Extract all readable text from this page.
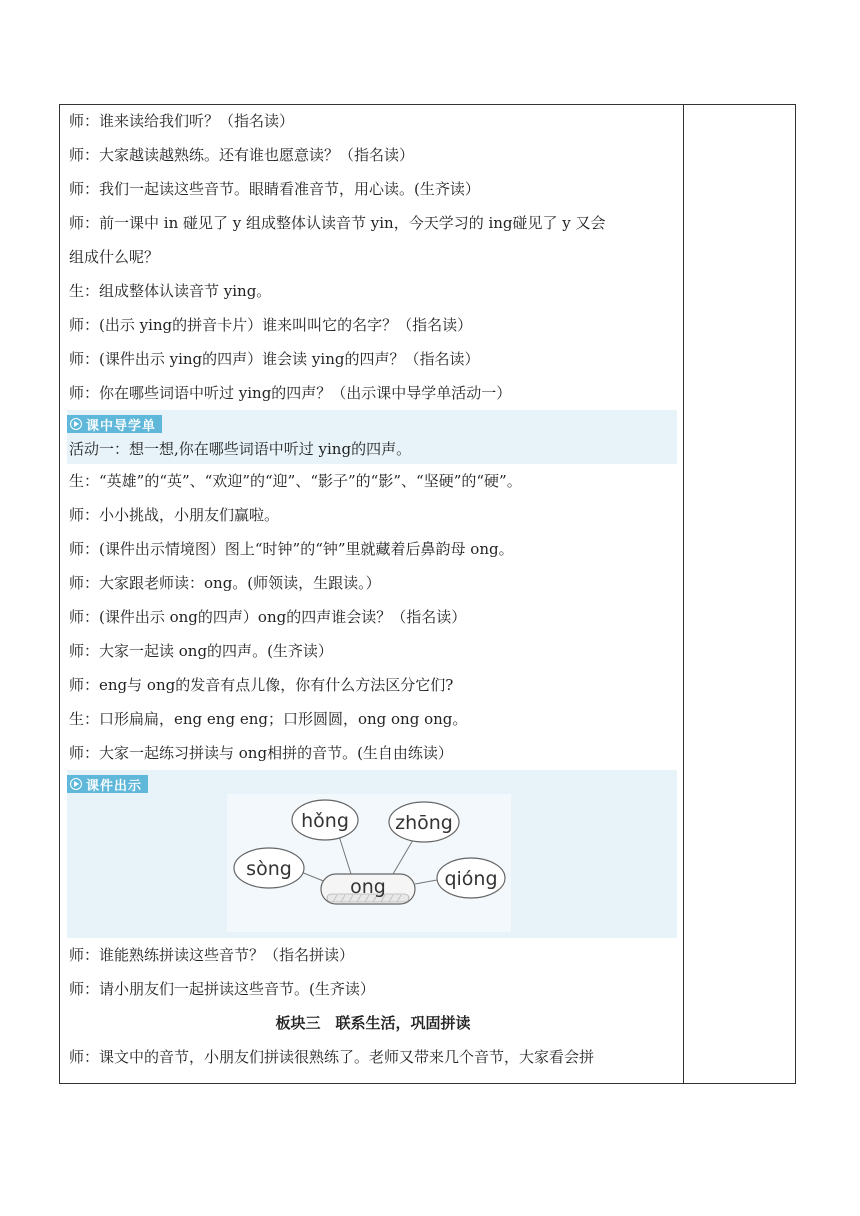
师：谁来读给我们听？（指名读）
师：大家越读越熟练。还有谁也愿意读？（指名读）
师：我们一起读这些音节。眼睛看准音节，用心读。(生齐读）
师：前一课中 in 碰见了 y 组成整体认读音节 yin，今天学习的 ing碰见了 y 又会
组成什么呢？
生：组成整体认读音节 ying。
师：(出示 ying的拼音卡片）谁来叫叫它的名字？（指名读）
师：(课件出示 ying的四声）谁会读 ying的四声？（指名读）
师：你在哪些词语中听过 ying的四声？（出示课中导学单活动一）
课中导学单
活动一：想一想,你在哪些词语中听过 ying的四声。
生：“英雄”的“英”、“欢迎”的“迎”、“影子”的“影”、“坚硬”的“硬”。
师：小小挑战，小朋友们赢啦。
师：(课件出示情境图）图上“时钟”的“钟”里就藏着后鼻韵母 ong。
师：大家跟老师读：ong。(师领读，生跟读。）
师：(课件出示 ong的四声）ong的四声谁会读？（指名读）
师：大家一起读 ong的四声。(生齐读）
师：eng与 ong的发音有点儿像，你有什么方法区分它们?
生：口形扁扁，eng eng eng；口形圆圆，ong ong ong。
师：大家一起练习拼读与 ong相拼的音节。(生自由练读）
课件出示
ong
hǒng zhōng
sòng	qióng
师：谁能熟练拼读这些音节？（指名拼读）
师：请小朋友们一起拼读这些音节。(生齐读）
板块三　联系生活，巩固拼读
师：课文中的音节，小朋友们拼读很熟练了。老师又带来几个音节，大家看会拼
